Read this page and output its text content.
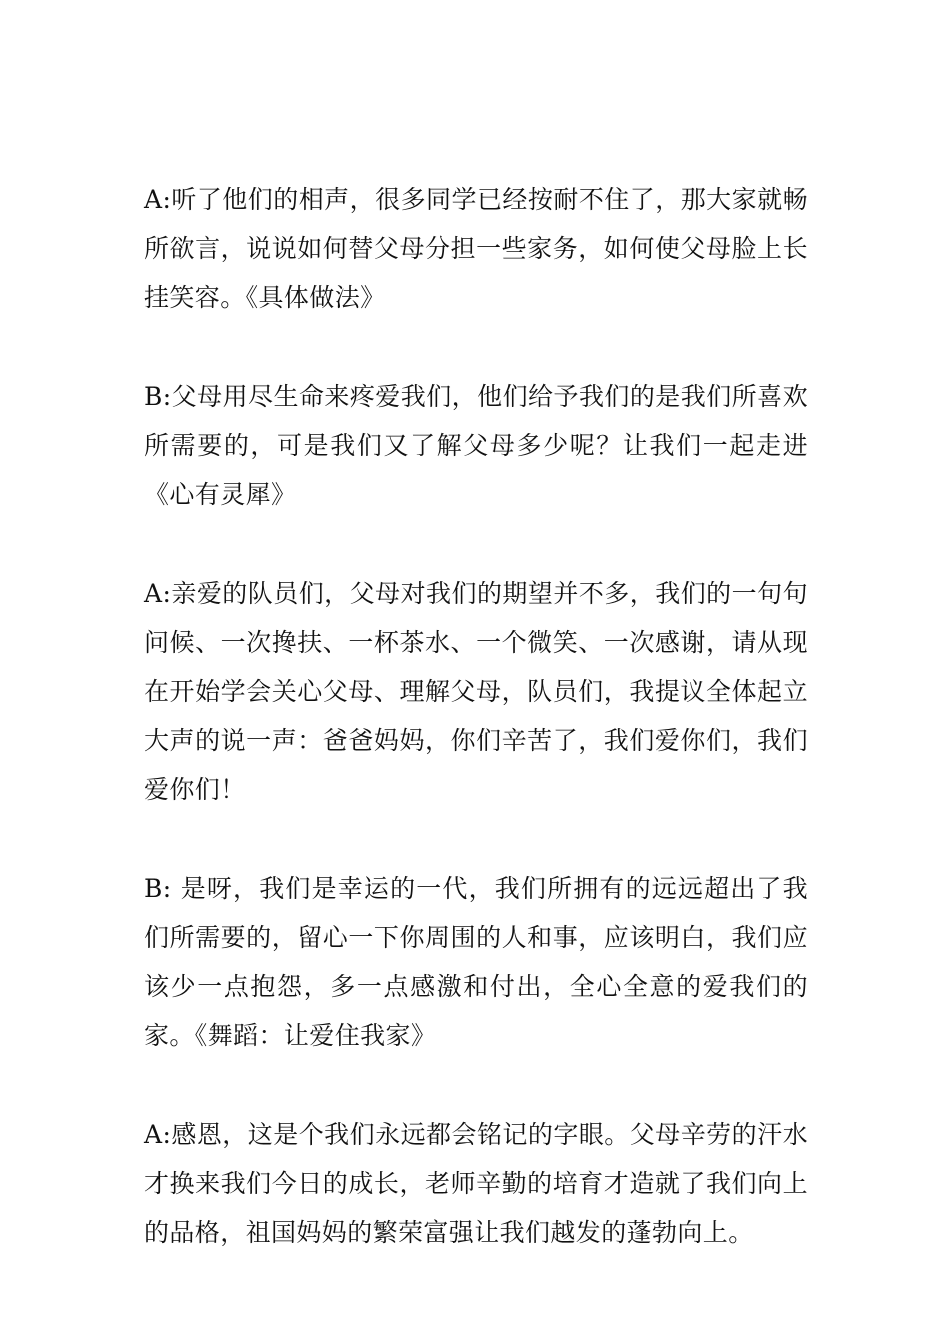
A:听了他们的相声，很多同学已经按耐不住了，那大家就畅所欲言，说说如何替父母分担一些家务，如何使父母脸上长挂笑容。《具体做法》

B:父母用尽生命来疼爱我们，他们给予我们的是我们所喜欢所需要的，可是我们又了解父母多少呢？让我们一起走进《心有灵犀》

A:亲爱的队员们，父母对我们的期望并不多，我们的一句句问候、一次搀扶、一杯茶水、一个微笑、一次感谢，请从现在开始学会关心父母、理解父母，队员们，我提议全体起立大声的说一声：爸爸妈妈，你们辛苦了，我们爱你们，我们爱你们！

B: 是呀，我们是幸运的一代，我们所拥有的远远超出了我们所需要的，留心一下你周围的人和事，应该明白，我们应该少一点抱怨，多一点感激和付出，全心全意的爱我们的家。《舞蹈：让爱住我家》

A:感恩，这是个我们永远都会铭记的字眼。父母辛劳的汗水才换来我们今日的成长，老师辛勤的培育才造就了我们向上的品格，祖国妈妈的繁荣富强让我们越发的蓬勃向上。
